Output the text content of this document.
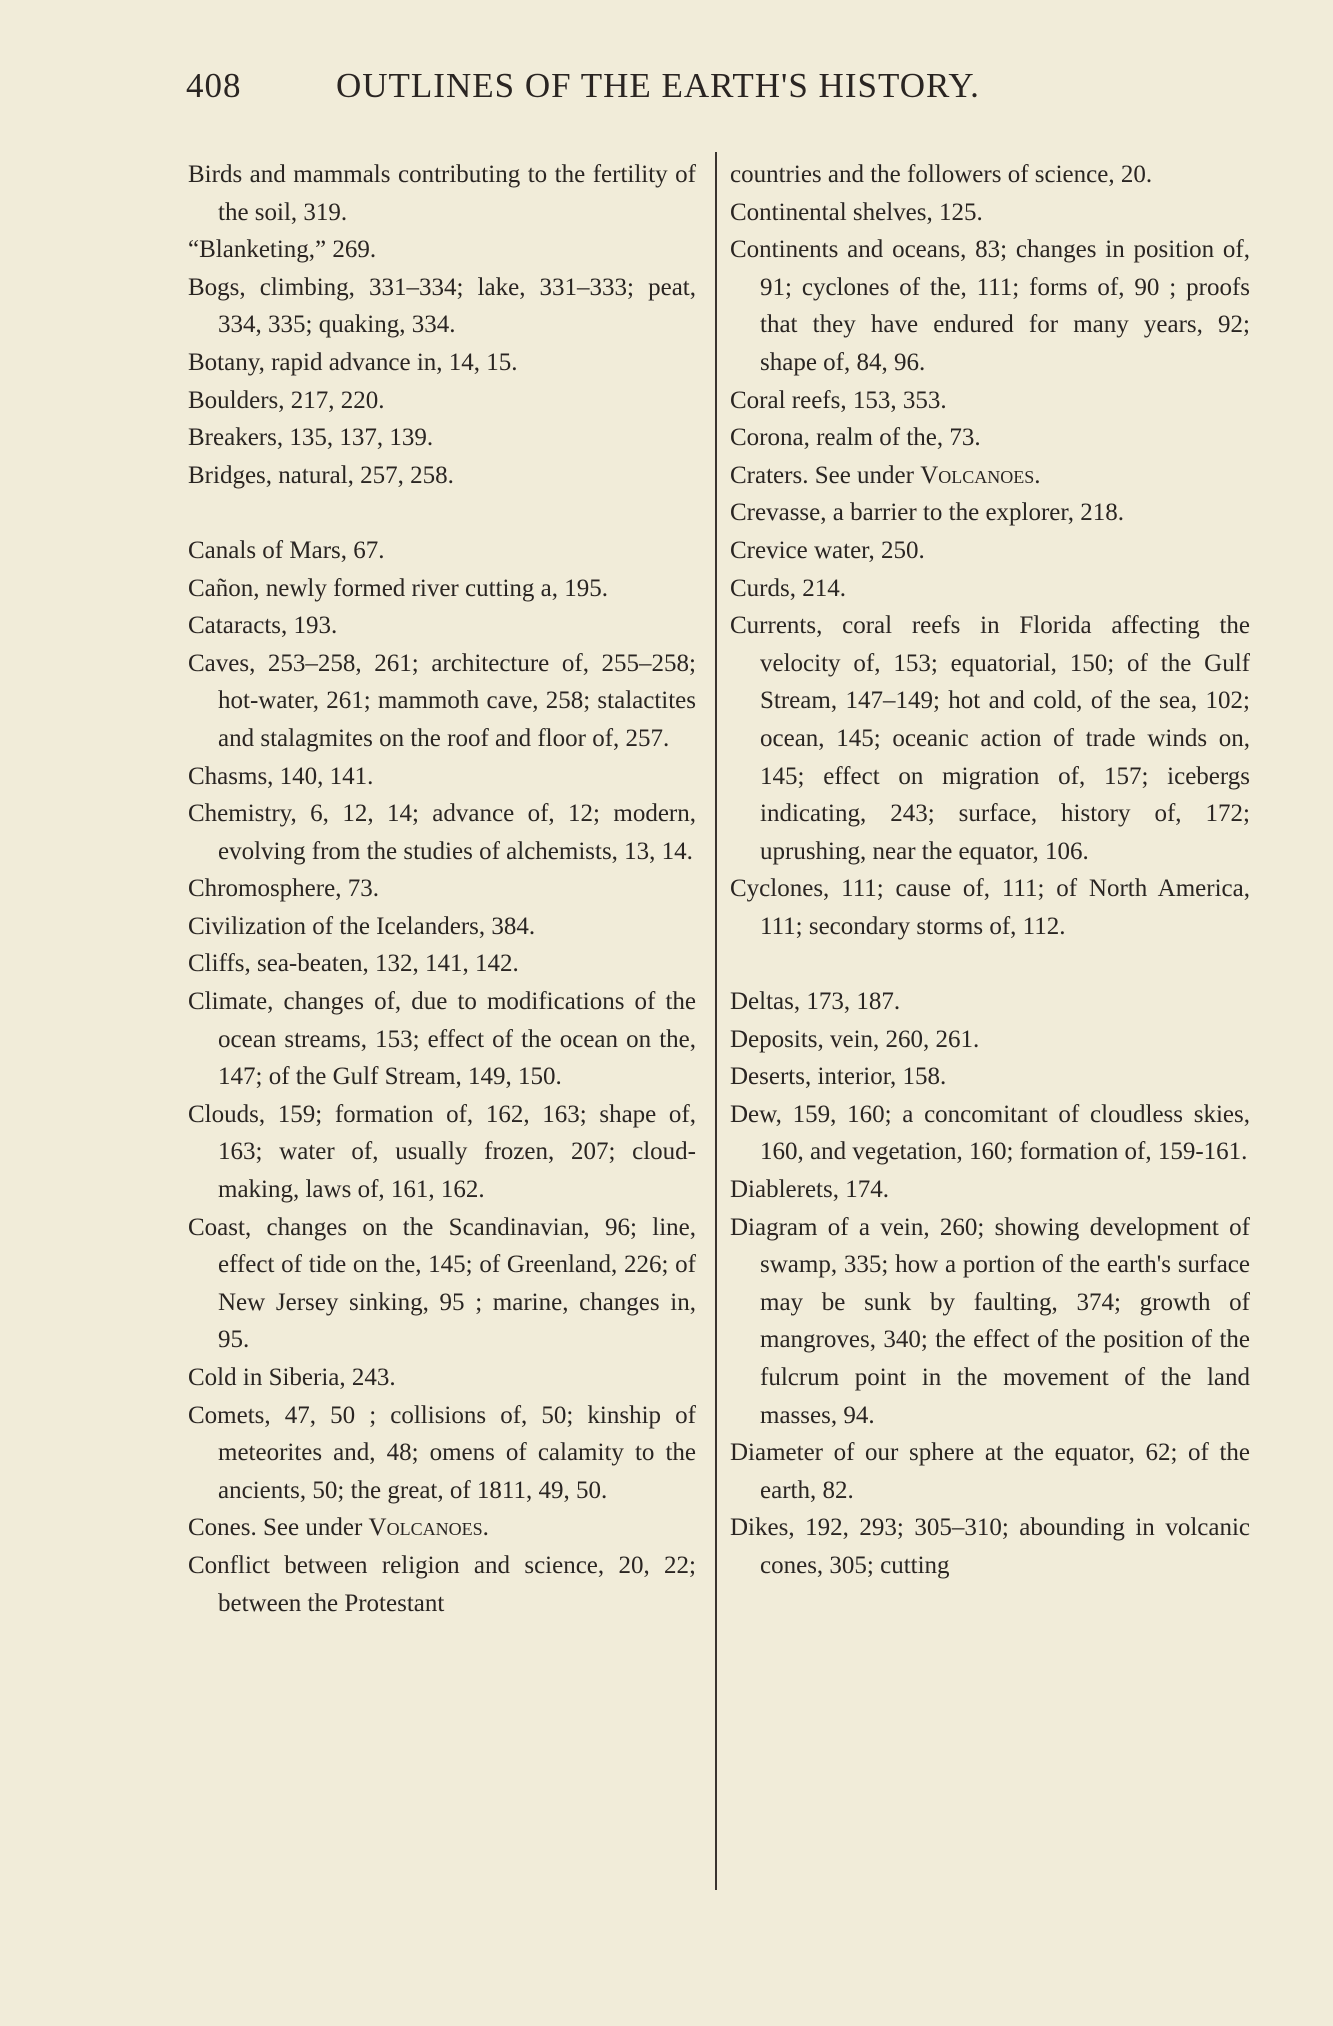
408	OUTLINES OF THE EARTH'S HISTORY.

Birds and mammals contributing to the fertility of the soil, 319.

“Blanketing,” 269.

Bogs, climbing, 331–334; lake, 331–333; peat, 334, 335; quaking, 334.

Botany, rapid advance in, 14, 15.

Boulders, 217, 220.

Breakers, 135, 137, 139.

Bridges, natural, 257, 258.

Canals of Mars, 67.

Cañon, newly formed river cutting a, 195.

Cataracts, 193.

Caves, 253–258, 261; architecture of, 255–258; hot-water, 261; mammoth cave, 258; stalactites and stalagmites on the roof and floor of, 257.

Chasms, 140, 141.

Chemistry, 6, 12, 14; advance of, 12; modern, evolving from the studies of alchemists, 13, 14.

Chromosphere, 73.

Civilization of the Icelanders, 384.

Cliffs, sea-beaten, 132, 141, 142.

Climate, changes of, due to modifications of the ocean streams, 153; effect of the ocean on the, 147; of the Gulf Stream, 149, 150.

Clouds, 159; formation of, 162, 163; shape of, 163; water of, usually frozen, 207; cloud-making, laws of, 161, 162.

Coast, changes on the Scandinavian, 96; line, effect of tide on the, 145; of Greenland, 226; of New Jersey sinking, 95 ; marine, changes in, 95.

Cold in Siberia, 243.

Comets, 47, 50 ; collisions of, 50; kinship of meteorites and, 48; omens of calamity to the ancients, 50; the great, of 1811, 49, 50.

Cones. See under Volcanoes.

Conflict between religion and science, 20, 22; between the Protestant

countries and the followers of science, 20.

Continental shelves, 125.

Continents and oceans, 83; changes in position of, 91; cyclones of the, 111; forms of, 90 ; proofs that they have endured for many years, 92; shape of, 84, 96.

Coral reefs, 153, 353.

Corona, realm of the, 73.

Craters. See under Volcanoes.

Crevasse, a barrier to the explorer, 218.

Crevice water, 250.

Curds, 214.

Currents, coral reefs in Florida affecting the velocity of, 153; equatorial, 150; of the Gulf Stream, 147–149; hot and cold, of the sea, 102; ocean, 145; oceanic action of trade winds on, 145; effect on migration of, 157; icebergs indicating, 243; surface, history of, 172; uprushing, near the equator, 106.

Cyclones, 111; cause of, 111; of North America, 111; secondary storms of, 112.

Deltas, 173, 187.

Deposits, vein, 260, 261.

Deserts, interior, 158.

Dew, 159, 160; a concomitant of cloudless skies, 160, and vegetation, 160; formation of, 159-161.

Diablerets, 174.

Diagram of a vein, 260; showing development of swamp, 335; how a portion of the earth's surface may be sunk by faulting, 374; growth of mangroves, 340; the effect of the position of the fulcrum point in the movement of the land masses, 94.

Diameter of our sphere at the equator, 62; of the earth, 82.

Dikes, 192, 293; 305–310; abounding in volcanic cones, 305; cutting
